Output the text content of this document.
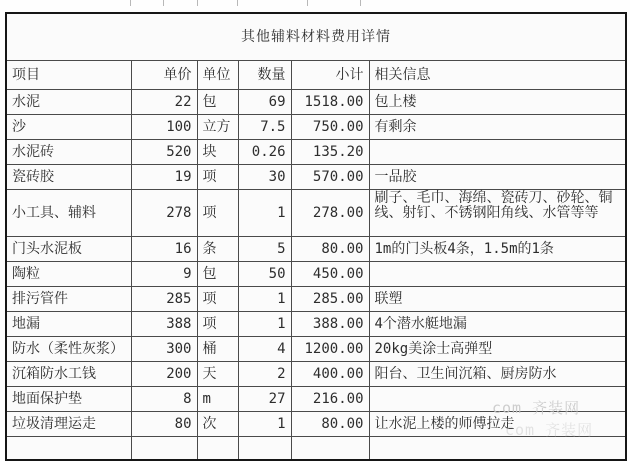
其他辅料材料费用详情					
项目	单价	单位	数量	小计	相关信息
水泥	22	包	69	1518.00	包上楼
沙	100	立方	7.5	750.00	有剩余
水泥砖	520	块	0.26	135.20	
瓷砖胶	19	项	30	570.00	一品胶
小工具、辅料	278	项	1	278.00	刷子、毛巾、海绵、瓷砖刀、砂轮、铜线、射钉、不锈钢阳角线、水管等等
门头水泥板	16	条	5	80.00	1m的门头板4条，1.5m的1条
陶粒	9	包	50	450.00	
排污管件	285	项	1	285.00	联塑
地漏	388	项	1	388.00	4个潜水艇地漏
防水（柔性灰浆）	300	桶	4	1200.00	20kg美涂士高弹型
沉箱防水工钱	200	天	2	400.00	阳台、卫生间沉箱、厨房防水
地面保护垫	8	m	27	216.00	
垃圾清理运走	80	次	1	80.00	让水泥上楼的师傅拉走

com 齐装网
com 齐装网
